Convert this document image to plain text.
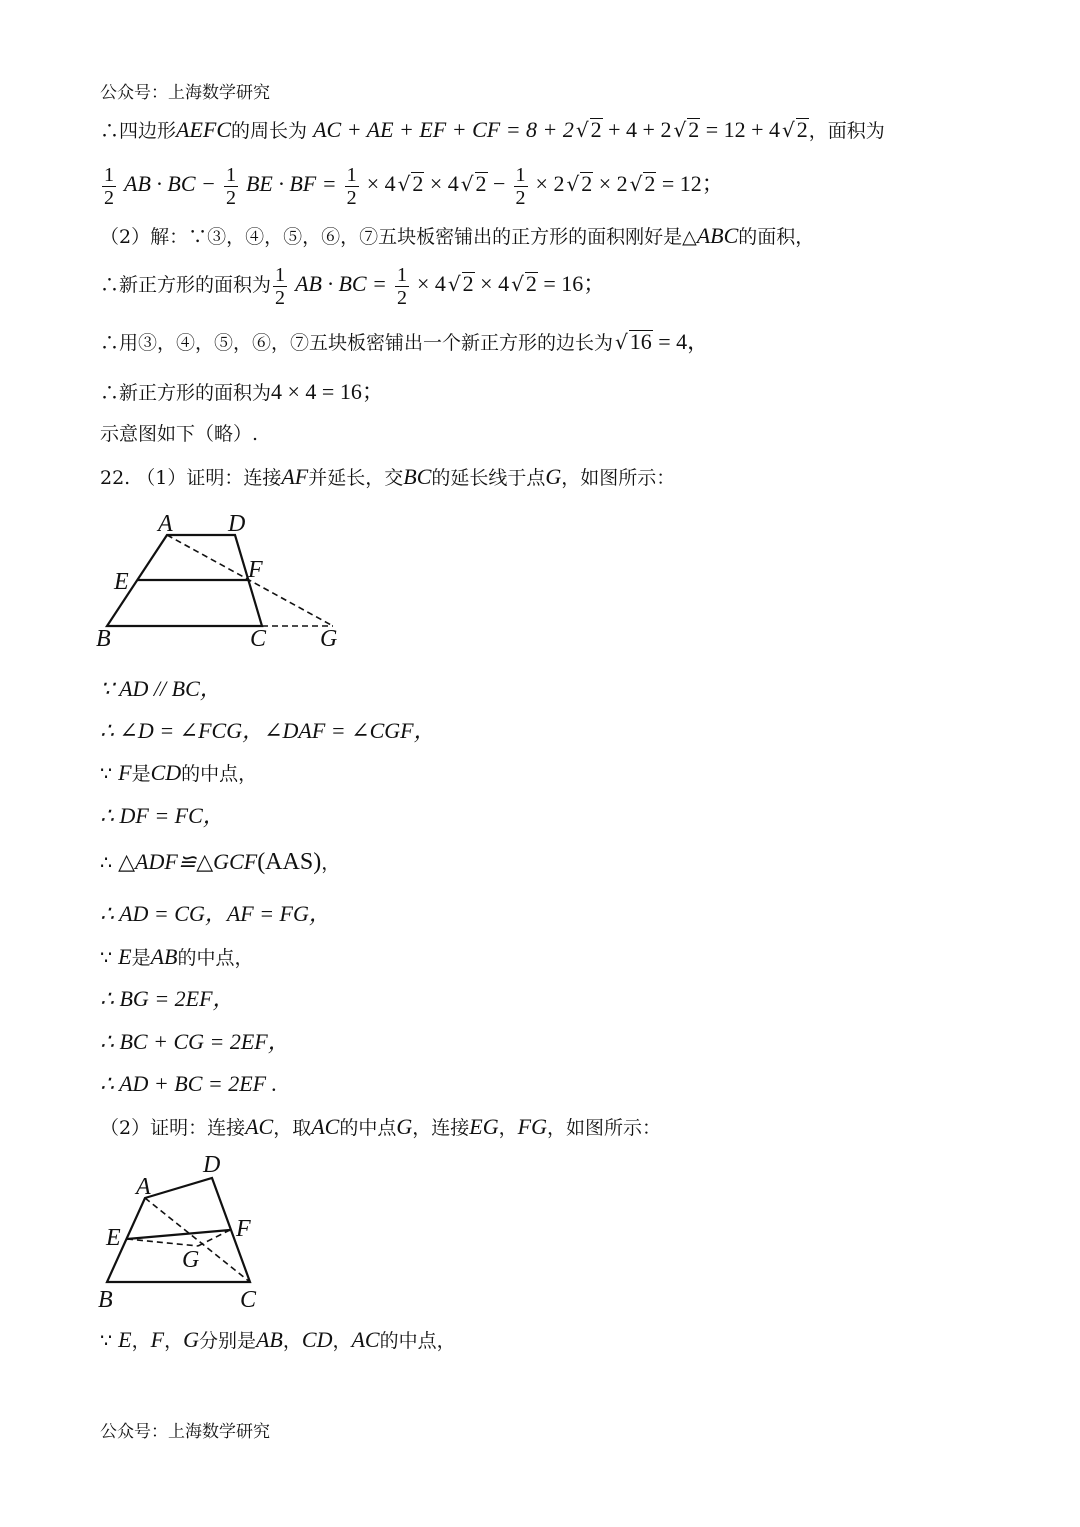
公众号：上海数学研究
∴四边形AEFC的周长为 AC + AE + EF + CF = 8 + 2 √2 + 4 + 2 √2 = 12 + 4 √2，面积为
$\frac{1}{2}$ AB · BC − $\frac{1}{2}$ BE · BF = $\frac{1}{2} \times 4$ √2 × 4 $√2 - \frac{1}{2} \times 2$ √2 × 2 √2 = 12；
（2）解：∵③，④，⑤，⑥，⑦五块板密铺出的正方形的面积刚好是△ABC的面积，
∴新正方形的面积为 $\frac{1}{2}$ AB · BC = $\frac{1}{2} \times 4$ √2 × 4 √2 = 16；
∴用③，④，⑤，⑥，⑦五块板密铺出一个新正方形的边长为 √16 = 4，
∴新正方形的面积为4 × 4 = 16；
示意图如下（略）.
22. （1）证明：连接AF并延长，交BC的延长线于点G，如图所示：
A D
E	F
B	C G
∵ AD // BC，
∴ ∠D = ∠FCG，∠DAF = ∠CGF，
∵ F是CD的中点，
∴ DF = FC，
∴ △ADF≌△GCF(AAS)，
∴ AD = CG，AF = FG，
∵ E是AB的中点，
∴ BG = 2EF，
∴ BC + CG = 2EF，
∴ AD + BC = 2EF .
（2）证明：连接AC，取AC的中点G，连接EG，FG，如图所示：
A
D
E	F
G
B	C
∵ E，F，G分别是AB，CD，AC的中点，
公众号：上海数学研究
